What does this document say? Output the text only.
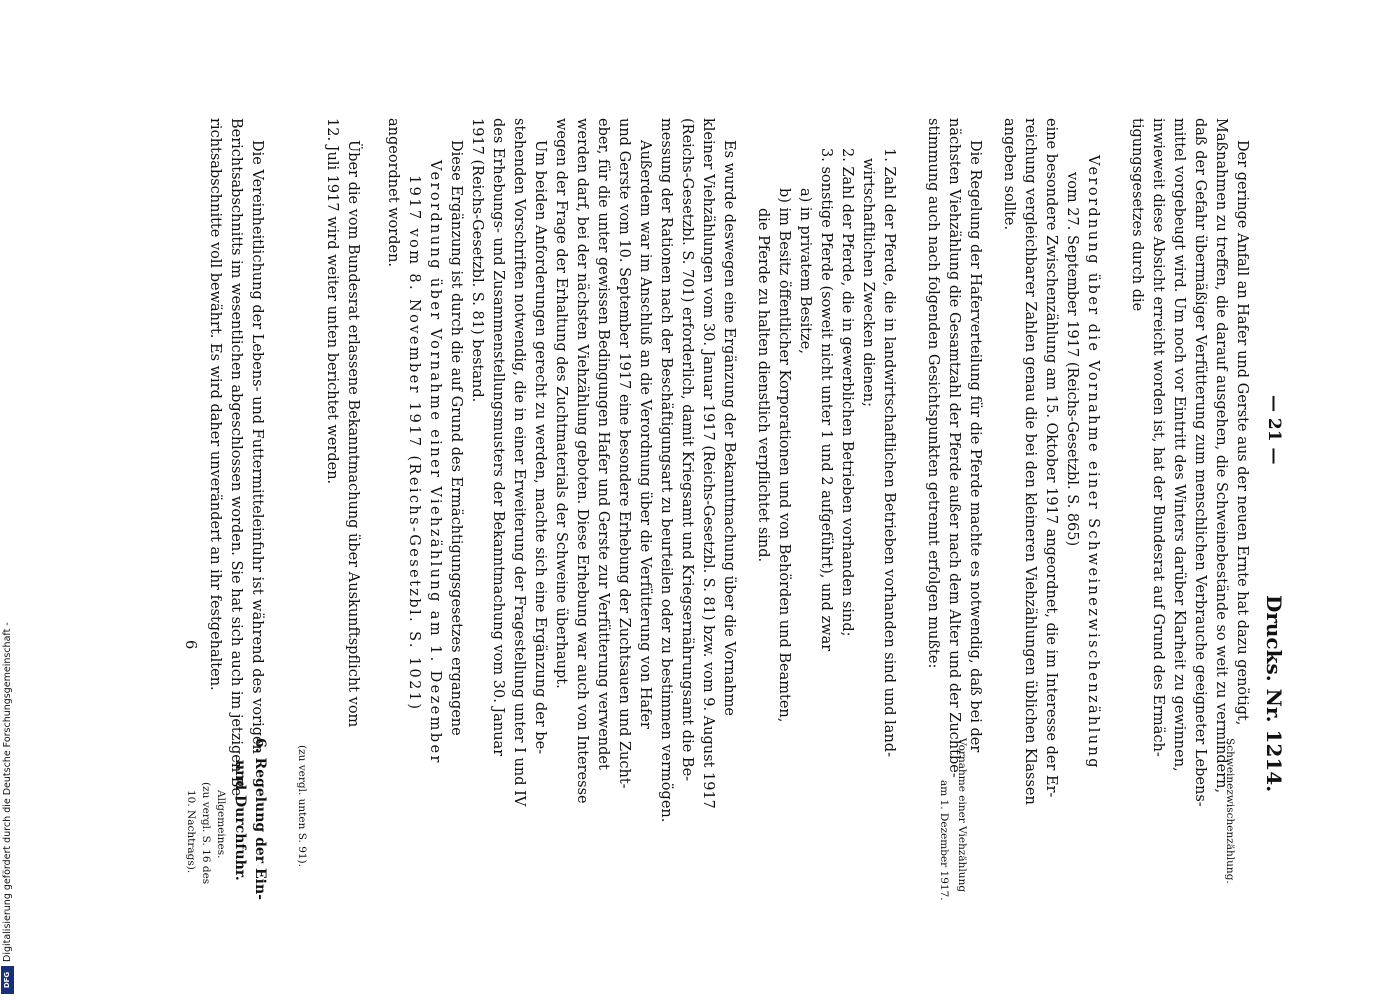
— 21 —
Drucks. Nr. 1214.
Der geringe Anfall an Hafer und Gerste aus der neuen Ernte hat dazu genötigt,
Maßnahmen zu treffen, die darauf ausgehen, die Schweinebestände so weit zu vermindern,
daß der Gefahr übermäßiger Verfütterung zum menschlichen Verbrauche geeigneter Lebens-
mittel vorgebeugt wird. Um noch vor Eintritt des Winters darüber Klarheit zu gewinnen,
inwieweit diese Absicht erreicht worden ist, hat der Bundesrat auf Grund des Ermäch-
tigungsgesetzes durch die
Verordnung über die Vornahme einer Schweinezwischenzählung
vom 27. September 1917 (Reichs-Gesetzbl. S. 865)
eine besondere Zwischenzählung am 15. Oktober 1917 angeordnet, die im Interesse der Er-
reichung vergleichbarer Zahlen genau die bei den kleineren Viehzählungen üblichen Klassen
angeben sollte.
Die Regelung der Haferverteilung für die Pferde machte es notwendig, daß bei der
nächsten Viehzählung die Gesamtzahl der Pferde außer nach dem Alter und der Zuchtbe-
stimmung auch nach folgenden Gesichtspunkten getrennt erfolgen mußte:
1. Zahl der Pferde, die in landwirtschaftlichen Betrieben vorhanden sind und land-
wirtschaftlichen Zwecken dienen;
2. Zahl der Pferde, die in gewerblichen Betrieben vorhanden sind;
3. sonstige Pferde (soweit nicht unter 1 und 2 aufgeführt), und zwar
a) in privatem Besitze,
b) im Besitz öffentlicher Korporationen und von Behörden und Beamten,
die Pferde zu halten dienstlich verpflichtet sind.
Es wurde deswegen eine Ergänzung der Bekanntmachung über die Vornahme
kleiner Viehzählungen vom 30. Januar 1917 (Reichs-Gesetzbl. S. 81) bzw. vom 9. August 1917
(Reichs-Gesetzbl. S. 701) erforderlich, damit Kriegsamt und Kriegsernährungsamt die Be-
messung der Rationen nach der Beschäftigungsart zu beurteilen oder zu bestimmen vermögen.
Außerdem war im Anschluß an die Verordnung über die Verfütterung von Hafer
und Gerste vom 10. September 1917 eine besondere Erhebung der Zuchtsauen und Zucht-
eber, für die unter gewissen Bedingungen Hafer und Gerste zur Verfütterung verwendet
werden darf, bei der nächsten Viehzählung geboten. Diese Erhebung war auch von Interesse
wegen der Frage der Erhaltung des Zuchtmaterials der Schweine überhaupt.
Um beiden Anforderungen gerecht zu werden, machte sich eine Ergänzung der be-
stehenden Vorschriften notwendig, die in einer Erweiterung der Fragestellung unter I und IV
des Erhebungs- und Zusammenstellungsmusters der Bekanntmachung vom 30. Januar
1917 (Reichs-Gesetzbl. S. 81) bestand.
Diese Ergänzung ist durch die auf Grund des Ermächtigungsgesetzes ergangene
Verordnung über Vornahme einer Viehzählung am 1. Dezember
1917 vom 8. November 1917 (Reichs-Gesetzbl. S. 1021)
angeordnet worden.
Über die vom Bundesrat erlassene Bekanntmachung über Auskunftspflicht vom
12. Juli 1917 wird weiter unten berichtet werden.
Die Vereinheitlichung der Lebens- und Futtermitteleinfuhr ist während des vorigen
Berichtsabschnitts im wesentlichen abgeschlossen worden. Sie hat sich auch im jetzigen Be-
richtsabschnitte voll bewährt. Es wird daher unverändert an ihr festgehalten.
6
Schweinezwischenzählung.
Vornahme einer Viehzählung
am 1. Dezember 1917.
(zu vergl. unten S. 91).
6. Regelung der Ein-
und Durchfuhr.
Allgemeines.
(zu vergl. S. 16 des
10. Nachtrags).
Digitalisierung gefördert durch die Deutsche Forschungsgemeinschaft -
DFG
